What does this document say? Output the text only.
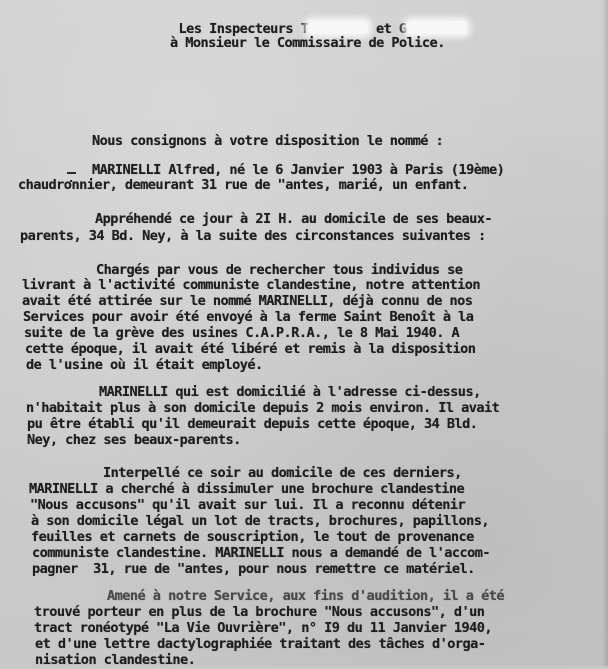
Les Inspecteurs T	et G

à Monsieur le Commissaire de Police.
Nous consignons à votre disposition le nommé :
MARINELLI Alfred, né le 6 Janvier 1903 à Paris (19ème)
chaudronnier, demeurant 31 rue de "antes, marié, un enfant.
Appréhendé ce jour à 2I H. au domicile de ses beaux-
parents, 34 Bd. Ney, à la suite des circonstances suivantes :
Chargés par vous de rechercher tous individus se
livrant à l'activité communiste clandestine, notre attention
avait été attirée sur le nommé MARINELLI, déjà connu de nos
Services pour avoir été envoyé à la ferme Saint Benoît à la
suite de la grève des usines C.A.P.R.A., le 8 Mai 1940. A
cette époque, il avait été libéré et remis à la disposition
de l'usine où il était employé.
MARINELLI qui est domicilié à l'adresse ci-dessus,
n'habitait plus à son domicile depuis 2 mois environ. Il avait
pu être établi qu'il demeurait depuis cette époque, 34 Bld.
Ney, chez ses beaux-parents.
Interpellé ce soir au domicile de ces derniers,
MARINELLI a cherché à dissimuler une brochure clandestine
"Nous accusons" qu'il avait sur lui. Il a reconnu détenir
à son domicile légal un lot de tracts, brochures, papillons,
feuilles et carnets de souscription, le tout de provenance
communiste clandestine. MARINELLI nous a demandé de l'accom-
pagner  31, rue de "antes, pour nous remettre ce matériel.
Amené à notre Service, aux fins d'audition, il a été
trouvé porteur en plus de la brochure "Nous accusons", d'un
tract ronéotypé "La Vie Ouvrière", n° I9 du 11 Janvier 1940,
et d'une lettre dactylographiée traitant des tâches d'orga-
nisation clandestine.
